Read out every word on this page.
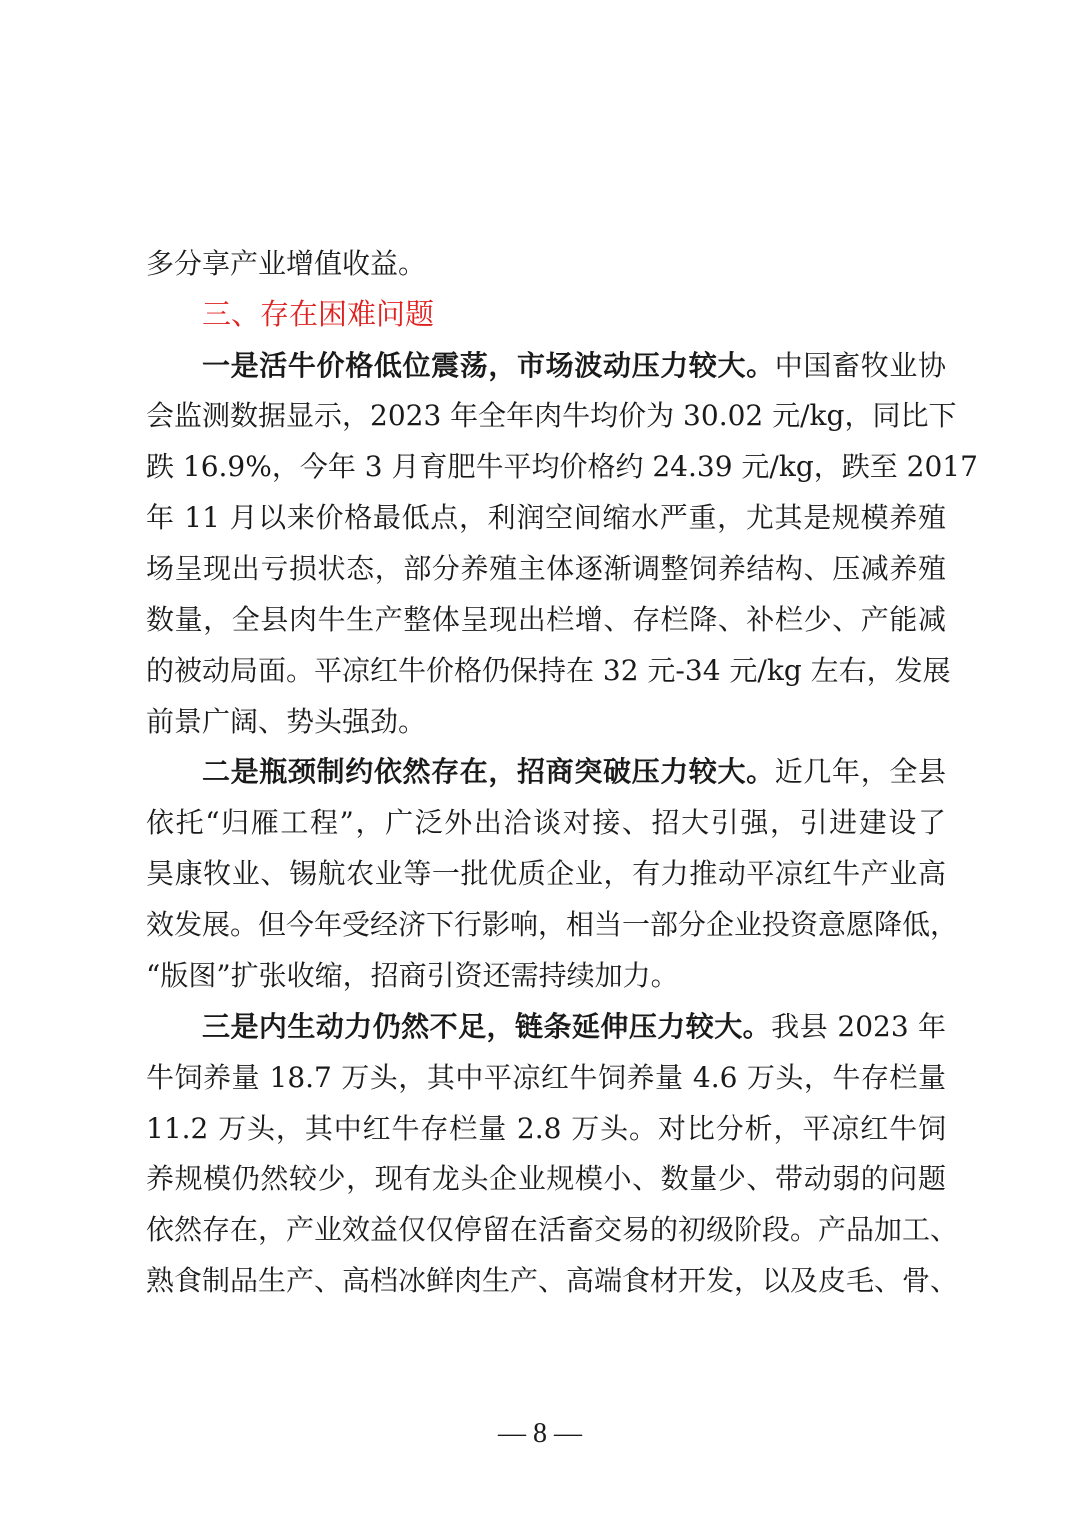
多分享产业增值收益。
三、存在困难问题
一是活牛价格低位震荡，市场波动压力较大。中国畜牧业协
会监测数据显示，2023 年全年肉牛均价为 30.02 元/kg，同比下
跌 16.9%，今年 3 月育肥牛平均价格约 24.39 元/kg，跌至 2017
年 11 月以来价格最低点，利润空间缩水严重，尤其是规模养殖
场呈现出亏损状态，部分养殖主体逐渐调整饲养结构、压减养殖
数量，全县肉牛生产整体呈现出栏增、存栏降、补栏少、产能减
的被动局面。平凉红牛价格仍保持在 32 元-34 元/kg 左右，发展
前景广阔、势头强劲。
二是瓶颈制约依然存在，招商突破压力较大。近几年，全县
依托“归雁工程”，广泛外出洽谈对接、招大引强，引进建设了
昊康牧业、锡航农业等一批优质企业，有力推动平凉红牛产业高
效发展。但今年受经济下行影响，相当一部分企业投资意愿降低，
“版图”扩张收缩，招商引资还需持续加力。
三是内生动力仍然不足，链条延伸压力较大。我县 2023 年
牛饲养量 18.7 万头，其中平凉红牛饲养量 4.6 万头，牛存栏量
11.2 万头，其中红牛存栏量 2.8 万头。对比分析，平凉红牛饲
养规模仍然较少，现有龙头企业规模小、数量少、带动弱的问题
依然存在，产业效益仅仅停留在活畜交易的初级阶段。产品加工、
熟食制品生产、高档冰鲜肉生产、高端食材开发，以及皮毛、骨、
— 8 —
